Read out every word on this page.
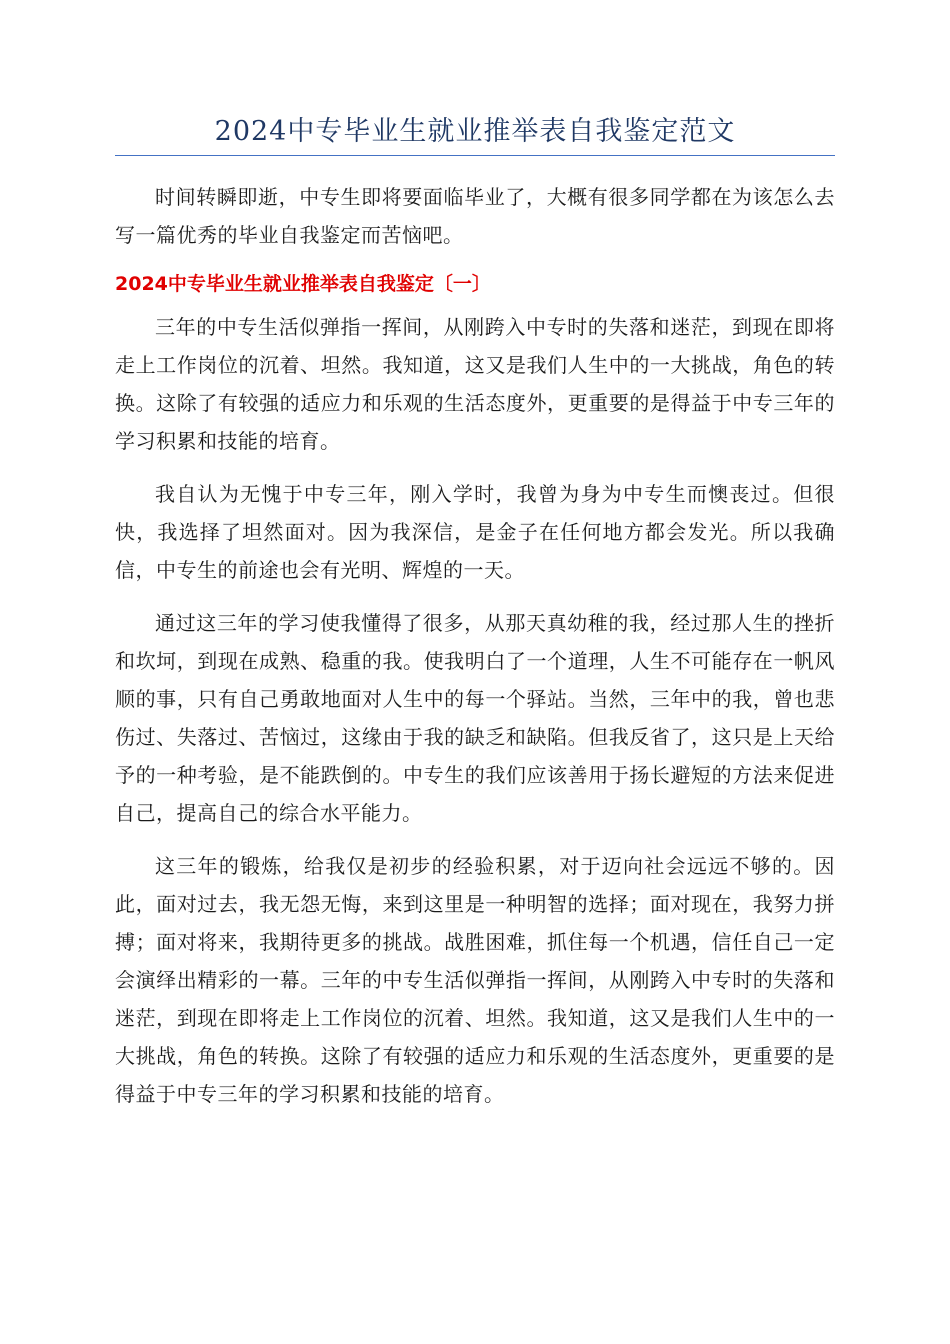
2024中专毕业生就业推举表自我鉴定范文

时间转瞬即逝，中专生即将要面临毕业了，大概有很多同学都在为该怎么去写一篇优秀的毕业自我鉴定而苦恼吧。

2024中专毕业生就业推举表自我鉴定〔一〕

三年的中专生活似弹指一挥间，从刚跨入中专时的失落和迷茫，到现在即将走上工作岗位的沉着、坦然。我知道，这又是我们人生中的一大挑战，角色的转换。这除了有较强的适应力和乐观的生活态度外，更重要的是得益于中专三年的学习积累和技能的培育。

我自认为无愧于中专三年，刚入学时，我曾为身为中专生而懊丧过。但很快，我选择了坦然面对。因为我深信，是金子在任何地方都会发光。所以我确信，中专生的前途也会有光明、辉煌的一天。

通过这三年的学习使我懂得了很多，从那天真幼稚的我，经过那人生的挫折和坎坷，到现在成熟、稳重的我。使我明白了一个道理，人生不可能存在一帆风顺的事，只有自己勇敢地面对人生中的每一个驿站。当然，三年中的我，曾也悲伤过、失落过、苦恼过，这缘由于我的缺乏和缺陷。但我反省了，这只是上天给予的一种考验，是不能跌倒的。中专生的我们应该善用于扬长避短的方法来促进自己，提高自己的综合水平能力。

这三年的锻炼，给我仅是初步的经验积累，对于迈向社会远远不够的。因此，面对过去，我无怨无悔，来到这里是一种明智的选择；面对现在，我努力拼搏；面对将来，我期待更多的挑战。战胜困难，抓住每一个机遇，信任自己一定会演绎出精彩的一幕。三年的中专生活似弹指一挥间，从刚跨入中专时的失落和迷茫，到现在即将走上工作岗位的沉着、坦然。我知道，这又是我们人生中的一大挑战，角色的转换。这除了有较强的适应力和乐观的生活态度外，更重要的是得益于中专三年的学习积累和技能的培育。
